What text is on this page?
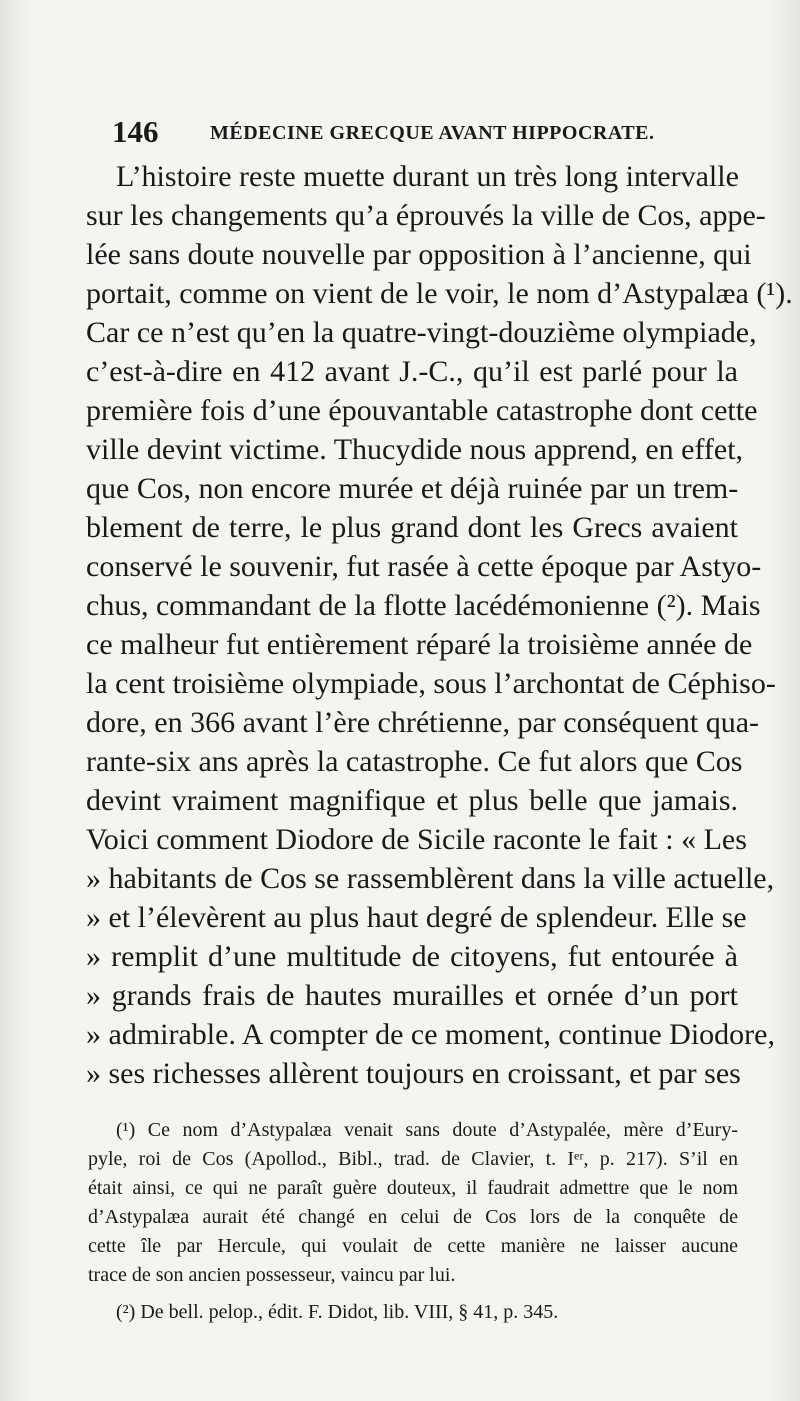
146	MÉDECINE GRECQUE AVANT HIPPOCRATE.
L’histoire reste muette durant un très long intervalle
sur les changements qu’a éprouvés la ville de Cos, appe-
lée sans doute nouvelle par opposition à l’ancienne, qui
portait, comme on vient de le voir, le nom d’Astypalæa (¹).
Car ce n’est qu’en la quatre-vingt-douzième olympiade,
c’est-à-dire en 412 avant J.-C., qu’il est parlé pour la
première fois d’une épouvantable catastrophe dont cette
ville devint victime. Thucydide nous apprend, en effet,
que Cos, non encore murée et déjà ruinée par un trem-
blement de terre, le plus grand dont les Grecs avaient
conservé le souvenir, fut rasée à cette époque par Astyo-
chus, commandant de la flotte lacédémonienne (²). Mais
ce malheur fut entièrement réparé la troisième année de
la cent troisième olympiade, sous l’archontat de Céphiso-
dore, en 366 avant l’ère chrétienne, par conséquent qua-
rante-six ans après la catastrophe. Ce fut alors que Cos
devint vraiment magnifique et plus belle que jamais.
Voici comment Diodore de Sicile raconte le fait : « Les
» habitants de Cos se rassemblèrent dans la ville actuelle,
» et l’élevèrent au plus haut degré de splendeur. Elle se
» remplit d’une multitude de citoyens, fut entourée à
» grands frais de hautes murailles et ornée d’un port
» admirable. A compter de ce moment, continue Diodore,
» ses richesses allèrent toujours en croissant, et par ses
(¹) Ce nom d’Astypalæa venait sans doute d’Astypalée, mère d’Eury-
pyle, roi de Cos (Apollod., Bibl., trad. de Clavier, t. Iᵉʳ, p. 217). S’il en
était ainsi, ce qui ne paraît guère douteux, il faudrait admettre que le nom
d’Astypalæa aurait été changé en celui de Cos lors de la conquête de
cette île par Hercule, qui voulait de cette manière ne laisser aucune
trace de son ancien possesseur, vaincu par lui.
(²) De bell. pelop., édit. F. Didot, lib. VIII, § 41, p. 345.
